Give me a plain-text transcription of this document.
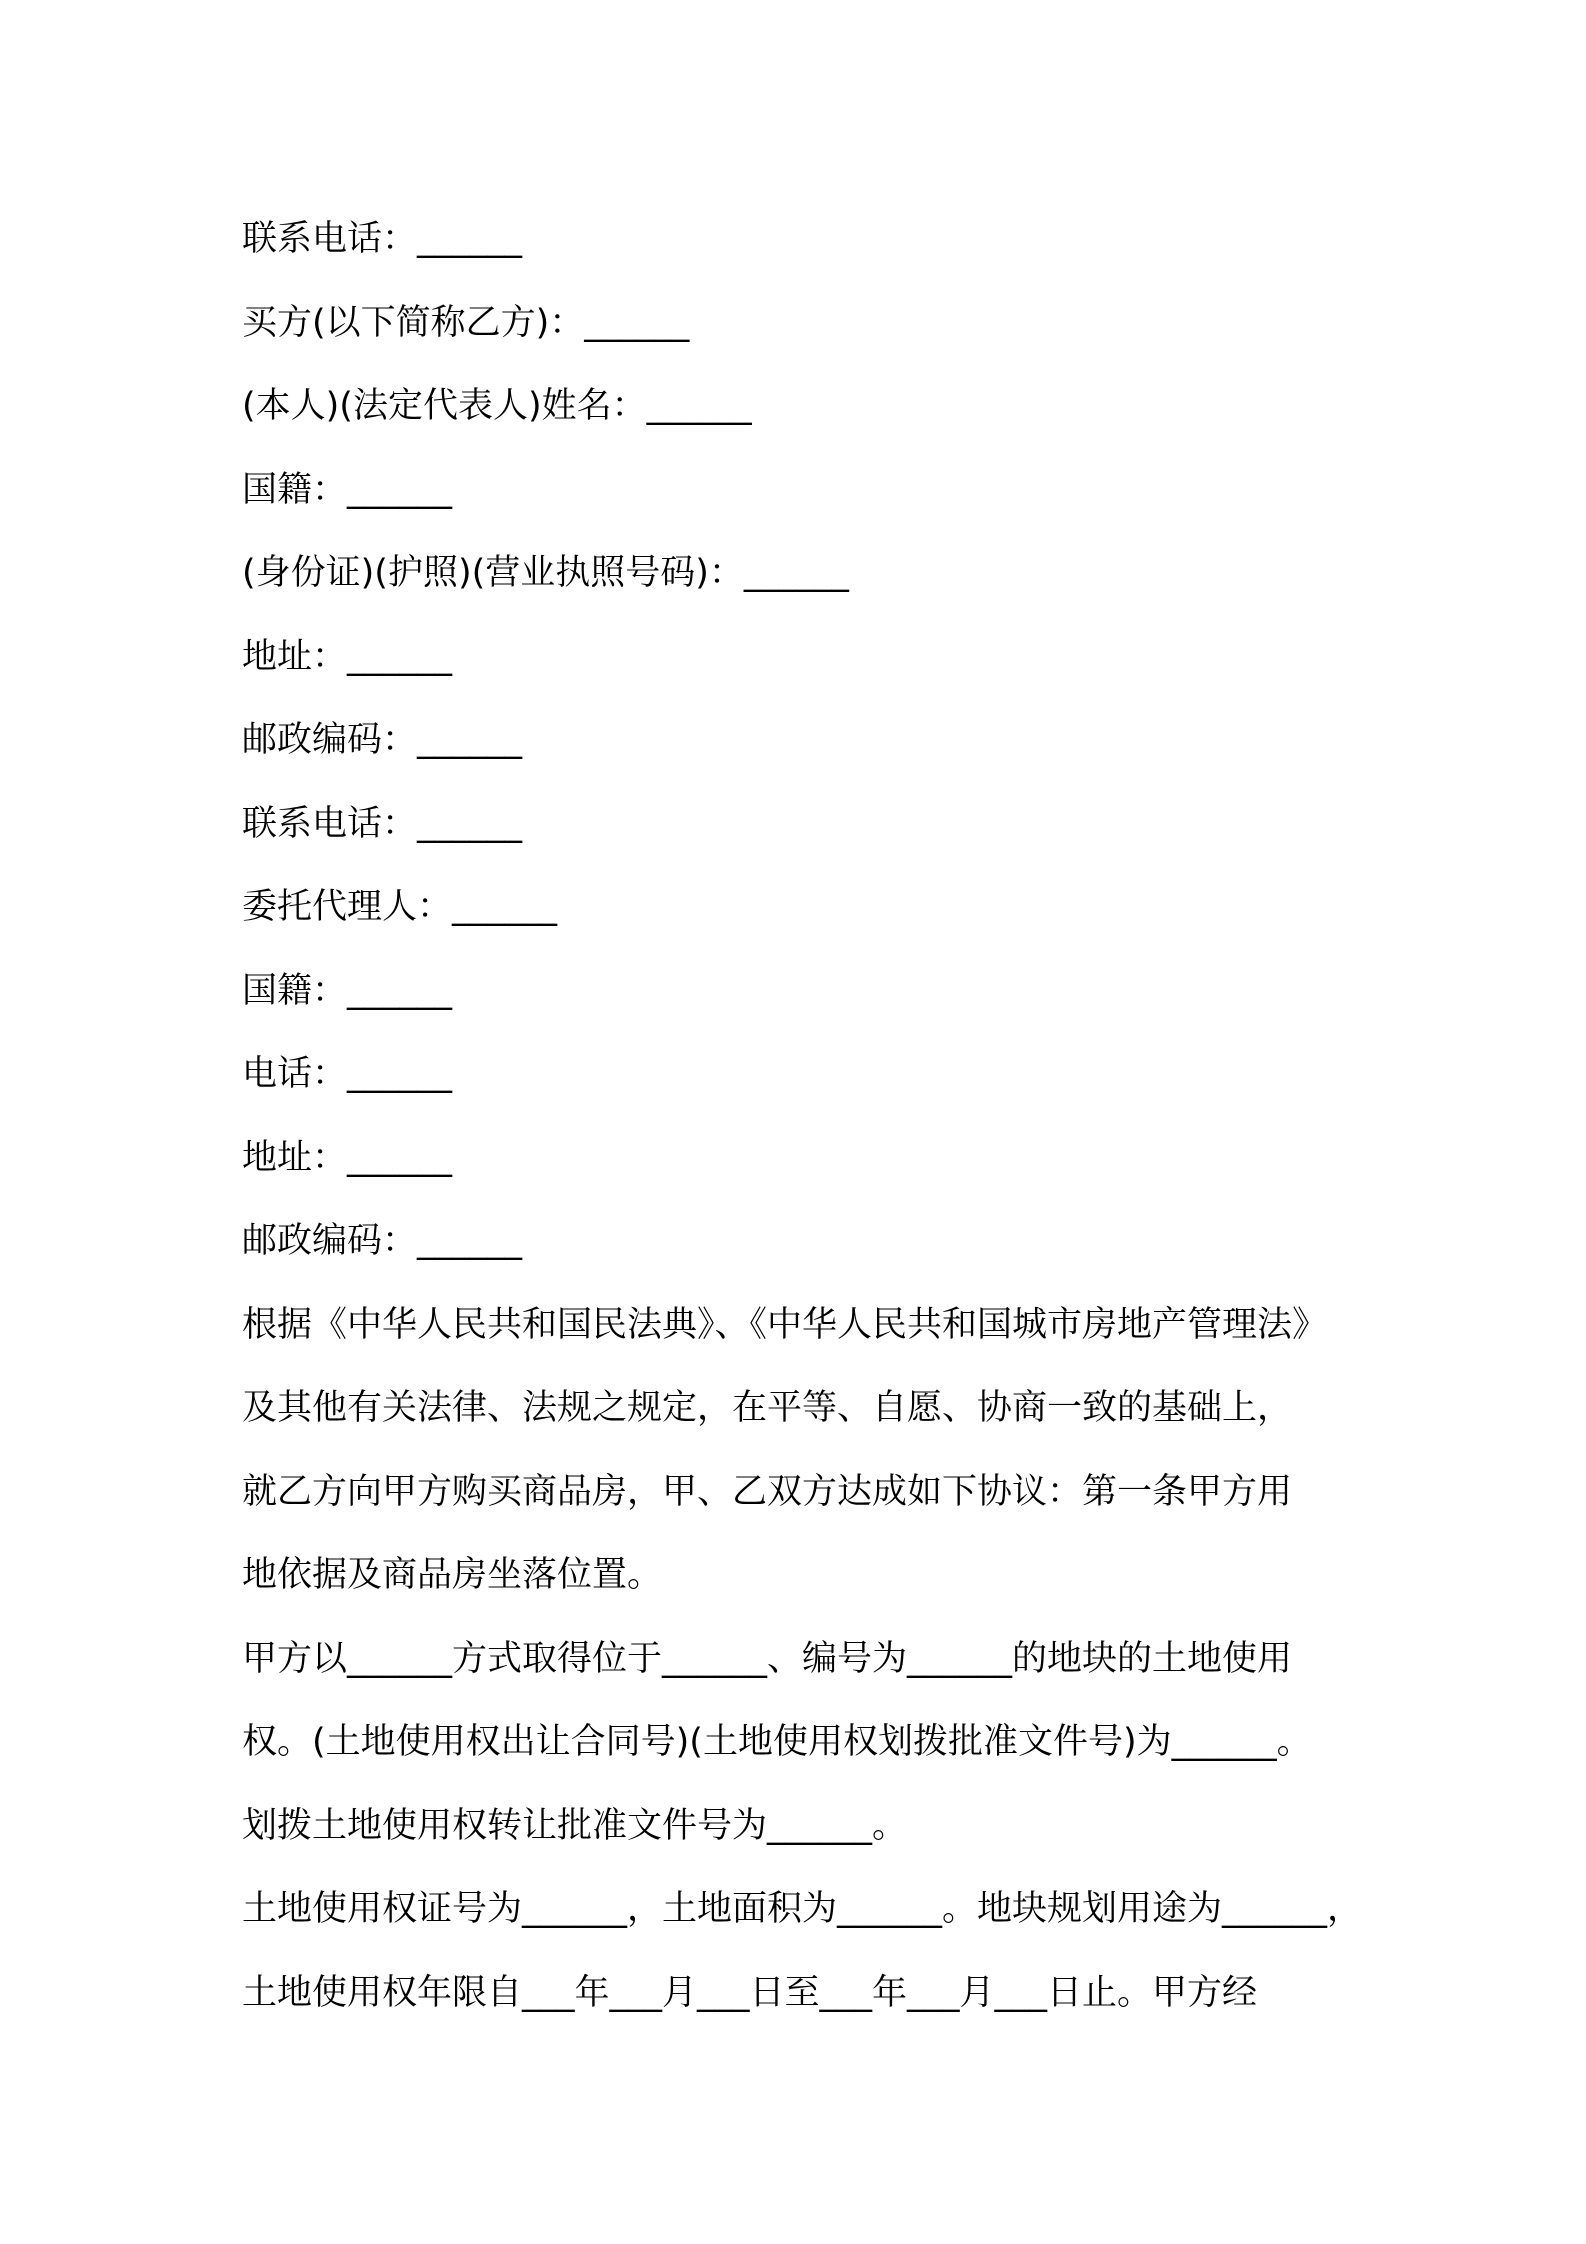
联系电话：______
买方(以下简称乙方)：______
(本人)(法定代表人)姓名：______
国籍：______
(身份证)(护照)(营业执照号码)：______
地址：______
邮政编码：______
联系电话：______
委托代理人：______
国籍：______
电话：______
地址：______
邮政编码：______
根据《中华人民共和国民法典》、《中华人民共和国城市房地产管理法》
及其他有关法律、法规之规定，在平等、自愿、协商一致的基础上，
就乙方向甲方购买商品房，甲、乙双方达成如下协议：第一条甲方用
地依据及商品房坐落位置。
甲方以______方式取得位于______、编号为______的地块的土地使用
权。(土地使用权出让合同号)(土地使用权划拨批准文件号)为______。
划拨土地使用权转让批准文件号为______。
土地使用权证号为______，土地面积为______。地块规划用途为______，
土地使用权年限自___年___月___日至___年___月___日止。甲方经
